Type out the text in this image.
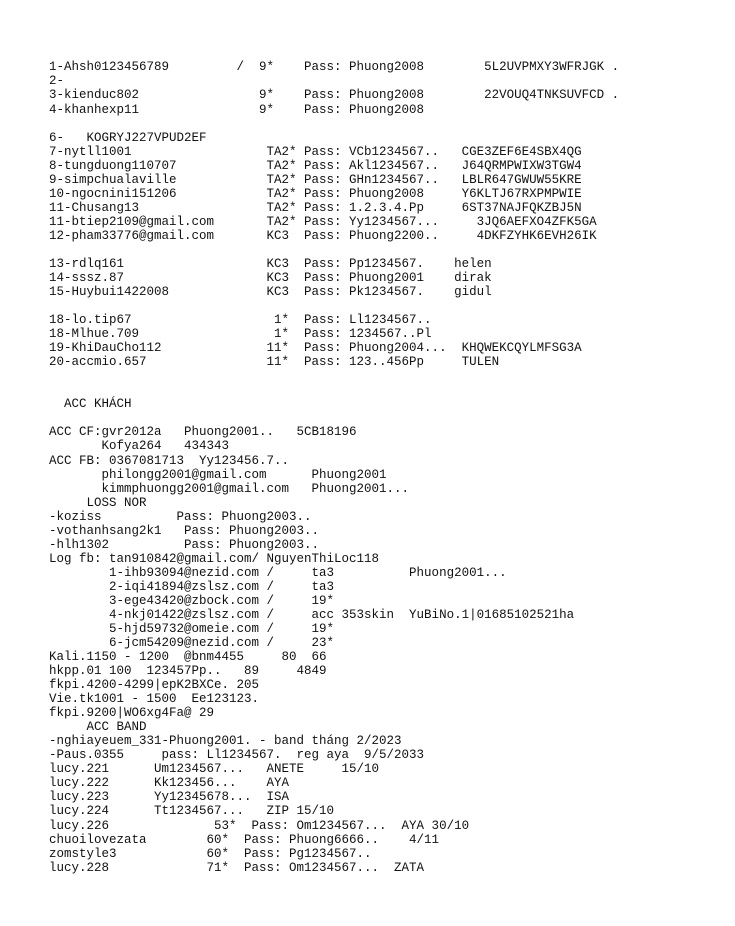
1-Ahsh0123456789         /  9*    Pass: Phuong2008        5L2UVPMXY3WFRJGK .
2-
3-kienduc802                9*    Pass: Phuong2008        22VOUQ4TNKSUVFCD .
4-khanhexp11                9*    Pass: Phuong2008
6-   KOGRYJ227VPUD2EF
7-nytll1001                  TA2* Pass: VCb1234567..   CGE3ZEF6E4SBX4QG
8-tungduong110707            TA2* Pass: Akl1234567..   J64QRMPWIXW3TGW4
9-simpchualaville            TA2* Pass: GHn1234567..   LBLR647GWUW55KRE
10-ngocnini151206            TA2* Pass: Phuong2008     Y6KLTJ67RXPMPWIE
11-Chusang13                 TA2* Pass: 1.2.3.4.Pp     6ST37NAJFQKZBJ5N
11-btiep2109@gmail.com       TA2* Pass: Yy1234567...     3JQ6AEFXO4ZFK5GA
12-pham33776@gmail.com       KC3  Pass: Phuong2200..     4DKFZYHK6EVH26IK
13-rdlq161                   KC3  Pass: Pp1234567.    helen
14-sssz.87                   KC3  Pass: Phuong2001    dirak
15-Huybui1422008             KC3  Pass: Pk1234567.    gidul
18-lo.tip67                   1*  Pass: Ll1234567..
18-Mlhue.709                  1*  Pass: 1234567..Pl
19-KhiDauCho112              11*  Pass: Phuong2004...  KHQWEKCQYLMFSG3A
20-accmio.657                11*  Pass: 123..456Pp     TULEN
ACC KHÁCH
ACC CF:gvr2012a   Phuong2001..   5CB18196
Kofya264   434343
ACC FB: 0367081713  Yy123456.7..
philongg2001@gmail.com      Phuong2001
kimmphuongg2001@gmail.com   Phuong2001...
LOSS NOR
-koziss          Pass: Phuong2003..
-vothanhsang2k1   Pass: Phuong2003..
-hlh1302          Pass: Phuong2003..
Log fb: tan910842@gmail.com/ NguyenThiLoc118
1-ihb93094@nezid.com /     ta3          Phuong2001...
2-iqi41894@zslsz.com /     ta3
3-ege43420@zbock.com /     19*
4-nkj01422@zslsz.com /     acc 353skin  YuBiNo.1|01685102521ha
5-hjd59732@omeie.com /     19*
6-jcm54209@nezid.com /     23*
Kali.1150 - 1200  @bnm4455     80  66
hkpp.01 100  123457Pp..   89     4849
fkpi.4200-4299|epK2BXCe. 205
Vie.tk1001 - 1500  Ee123123.
fkpi.9200|WO6xg4Fa@ 29
ACC BAND
-nghiayeuem_331-Phuong2001. - band tháng 2/2023
-Paus.0355     pass: Ll1234567.  reg aya  9/5/2033
lucy.221      Um1234567...   ANETE     15/10
lucy.222      Kk123456...    AYA
lucy.223      Yy12345678...  ISA
lucy.224      Tt1234567...   ZIP 15/10
lucy.226              53*  Pass: Om1234567...  AYA 30/10
chuoilovezata        60*  Pass: Phuong6666..    4/11
zomstyle3            60*  Pass: Pg1234567..
lucy.228             71*  Pass: Om1234567...  ZATA
